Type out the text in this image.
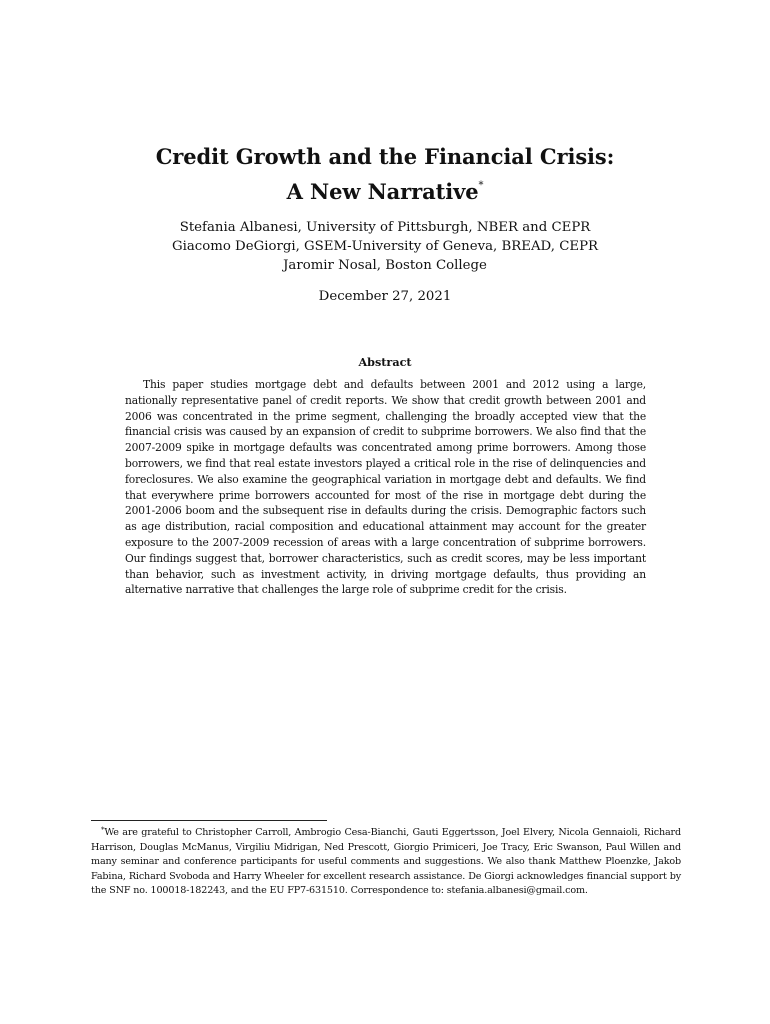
Credit Growth and the Financial Crisis:
A New Narrative*
Stefania Albanesi, University of Pittsburgh, NBER and CEPR
Giacomo DeGiorgi, GSEM-University of Geneva, BREAD, CEPR
Jaromir Nosal, Boston College
December 27, 2021
Abstract

This paper studies mortgage debt and defaults between 2001 and 2012 using a large, nationally representative panel of credit reports. We show that credit growth between 2001 and 2006 was concentrated in the prime segment, challenging the broadly accepted view that the financial crisis was caused by an expansion of credit to subprime borrowers. We also find that the 2007-2009 spike in mortgage defaults was concentrated among prime borrowers. Among those borrowers, we find that real estate investors played a critical role in the rise of delinquencies and foreclosures. We also examine the geographical variation in mortgage debt and defaults. We find that everywhere prime borrowers accounted for most of the rise in mortgage debt during the 2001-2006 boom and the subsequent rise in defaults during the crisis. Demographic factors such as age distribution, racial composition and educational attainment may account for the greater exposure to the 2007-2009 recession of areas with a large concentration of subprime borrowers. Our findings suggest that, borrower characteristics, such as credit scores, may be less important than behavior, such as investment activity, in driving mortgage defaults, thus providing an alternative narrative that challenges the large role of subprime credit for the crisis.

*We are grateful to Christopher Carroll, Ambrogio Cesa-Bianchi, Gauti Eggertsson, Joel Elvery, Nicola Gennaioli, Richard Harrison, Douglas McManus, Virgiliu Midrigan, Ned Prescott, Giorgio Primiceri, Joe Tracy, Eric Swanson, Paul Willen and many seminar and conference participants for useful comments and suggestions. We also thank Matthew Ploenzke, Jakob Fabina, Richard Svoboda and Harry Wheeler for excellent research assistance. De Giorgi acknowledges financial support by the SNF no. 100018-182243, and the EU FP7-631510. Correspondence to: stefania.albanesi@gmail.com.
